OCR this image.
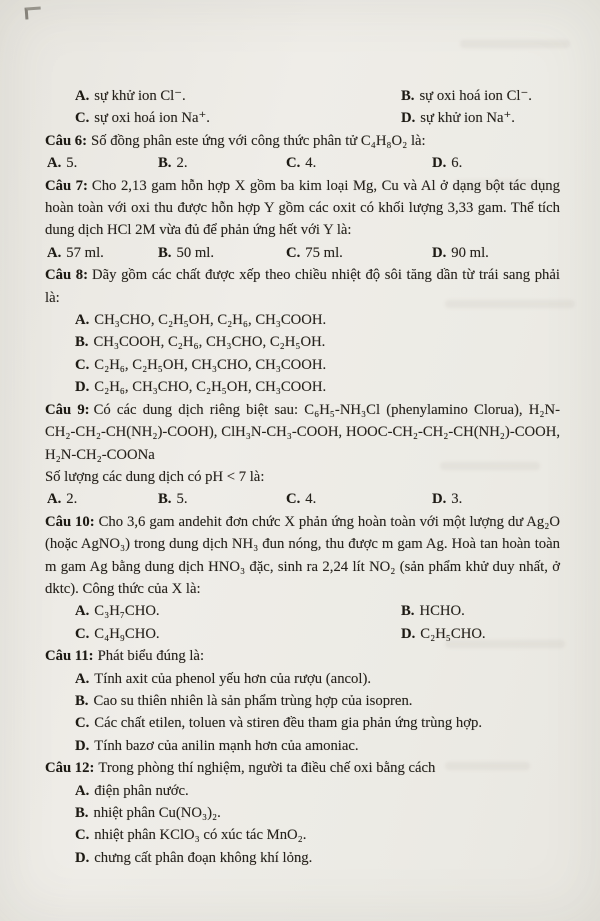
A. sự khử ion Cl⁻.	B. sự oxi hoá ion Cl⁻.
C. sự oxi hoá ion Na⁺.	D. sự khử ion Na⁺.

Câu 6: Số đồng phân este ứng với công thức phân tử C₄H₈O₂ là:

A. 5.	B. 2.	C. 4.	D. 6.

Câu 7: Cho 2,13 gam hỗn hợp X gồm ba kim loại Mg, Cu và Al ở dạng bột tác dụng hoàn toàn với oxi thu được hỗn hợp Y gồm các oxit có khối lượng 3,33 gam. Thể tích dung dịch HCl 2M vừa đủ để phản ứng hết với Y là:

A. 57 ml.	B. 50 ml.	C. 75 ml.	D. 90 ml.

Câu 8: Dãy gồm các chất được xếp theo chiều nhiệt độ sôi tăng dần từ trái sang phải là:

A. CH₃CHO, C₂H₅OH, C₂H₆, CH₃COOH.
B. CH₃COOH, C₂H₆, CH₃CHO, C₂H₅OH.
C. C₂H₆, C₂H₅OH, CH₃CHO, CH₃COOH.
D. C₂H₆, CH₃CHO, C₂H₅OH, CH₃COOH.

Câu 9: Có các dung dịch riêng biệt sau: C₆H₅-NH₃Cl (phenylamino Clorua), H₂N-CH₂-CH₂-CH(NH₂)-COOH), ClH₃N-CH₃-COOH, HOOC-CH₂-CH₂-CH(NH₂)-COOH, H₂N-CH₂-COONa

Số lượng các dung dịch có pH < 7 là:

A. 2.	B. 5.	C. 4.	D. 3.

Câu 10: Cho 3,6 gam andehit đơn chức X phản ứng hoàn toàn với một lượng dư Ag₂O (hoặc AgNO₃) trong dung dịch NH₃ đun nóng, thu được m gam Ag. Hoà tan hoàn toàn m gam Ag bằng dung dịch HNO₃ đặc, sinh ra 2,24 lít NO₂ (sản phẩm khử duy nhất, ở dktc). Công thức của X là:

A. C₃H₇CHO.	B. HCHO.
C. C₄H₉CHO.	D. C₂H₅CHO.

Câu 11: Phát biểu đúng là:

A. Tính axit của phenol yếu hơn của rượu (ancol).
B. Cao su thiên nhiên là sản phẩm trùng hợp của isopren.
C. Các chất etilen, toluen và stiren đều tham gia phản ứng trùng hợp.
D. Tính bazơ của anilin mạnh hơn của amoniac.

Câu 12: Trong phòng thí nghiệm, người ta điều chế oxi bằng cách

A. điện phân nước.
B. nhiệt phân Cu(NO₃)₂.
C. nhiệt phân KClO₃ có xúc tác MnO₂.
D. chưng cất phân đoạn không khí lỏng.
